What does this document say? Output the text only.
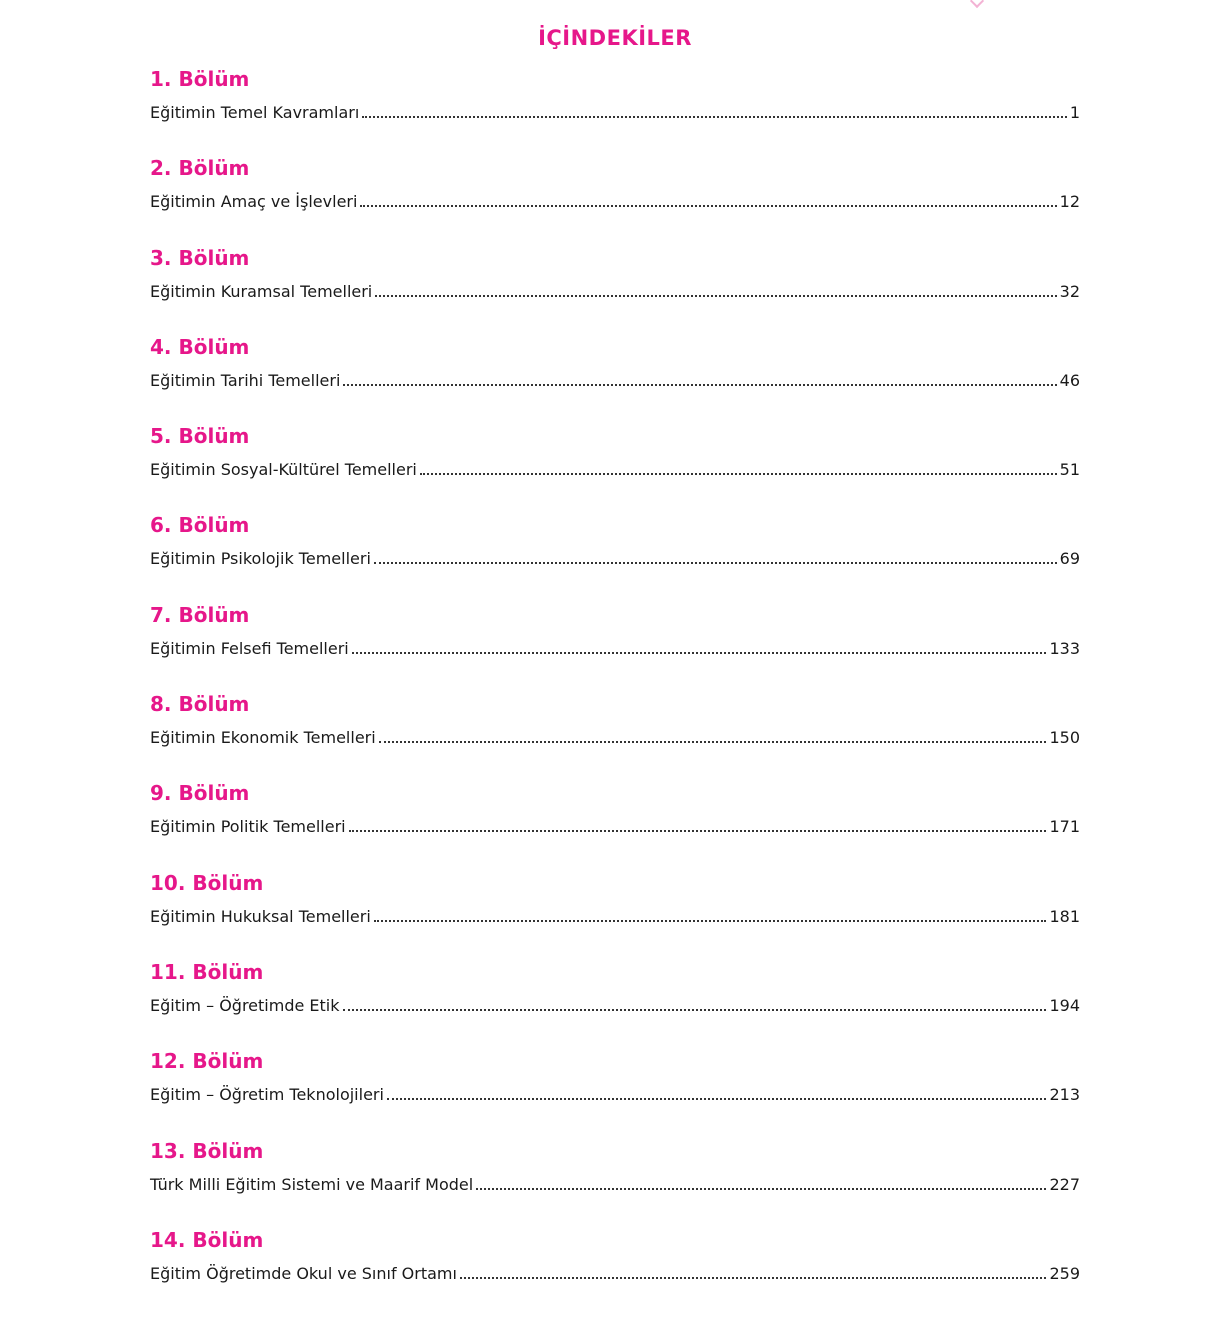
İÇİNDEKİLER
1. Bölüm
Eğitimin Temel Kavramları	1
2. Bölüm
Eğitimin Amaç ve İşlevleri	12
3. Bölüm
Eğitimin Kuramsal Temelleri	32
4. Bölüm
Eğitimin Tarihi Temelleri	46
5. Bölüm
Eğitimin Sosyal-Kültürel Temelleri	51
6. Bölüm
Eğitimin Psikolojik Temelleri	69
7. Bölüm
Eğitimin Felsefi Temelleri	133
8. Bölüm
Eğitimin Ekonomik Temelleri	150
9. Bölüm
Eğitimin Politik Temelleri	171
10. Bölüm
Eğitimin Hukuksal Temelleri	181
11. Bölüm
Eğitim – Öğretimde Etik	194
12. Bölüm
Eğitim – Öğretim Teknolojileri	213
13. Bölüm
Türk Milli Eğitim Sistemi ve Maarif Model	227
14. Bölüm
Eğitim Öğretimde Okul ve Sınıf Ortamı	259
